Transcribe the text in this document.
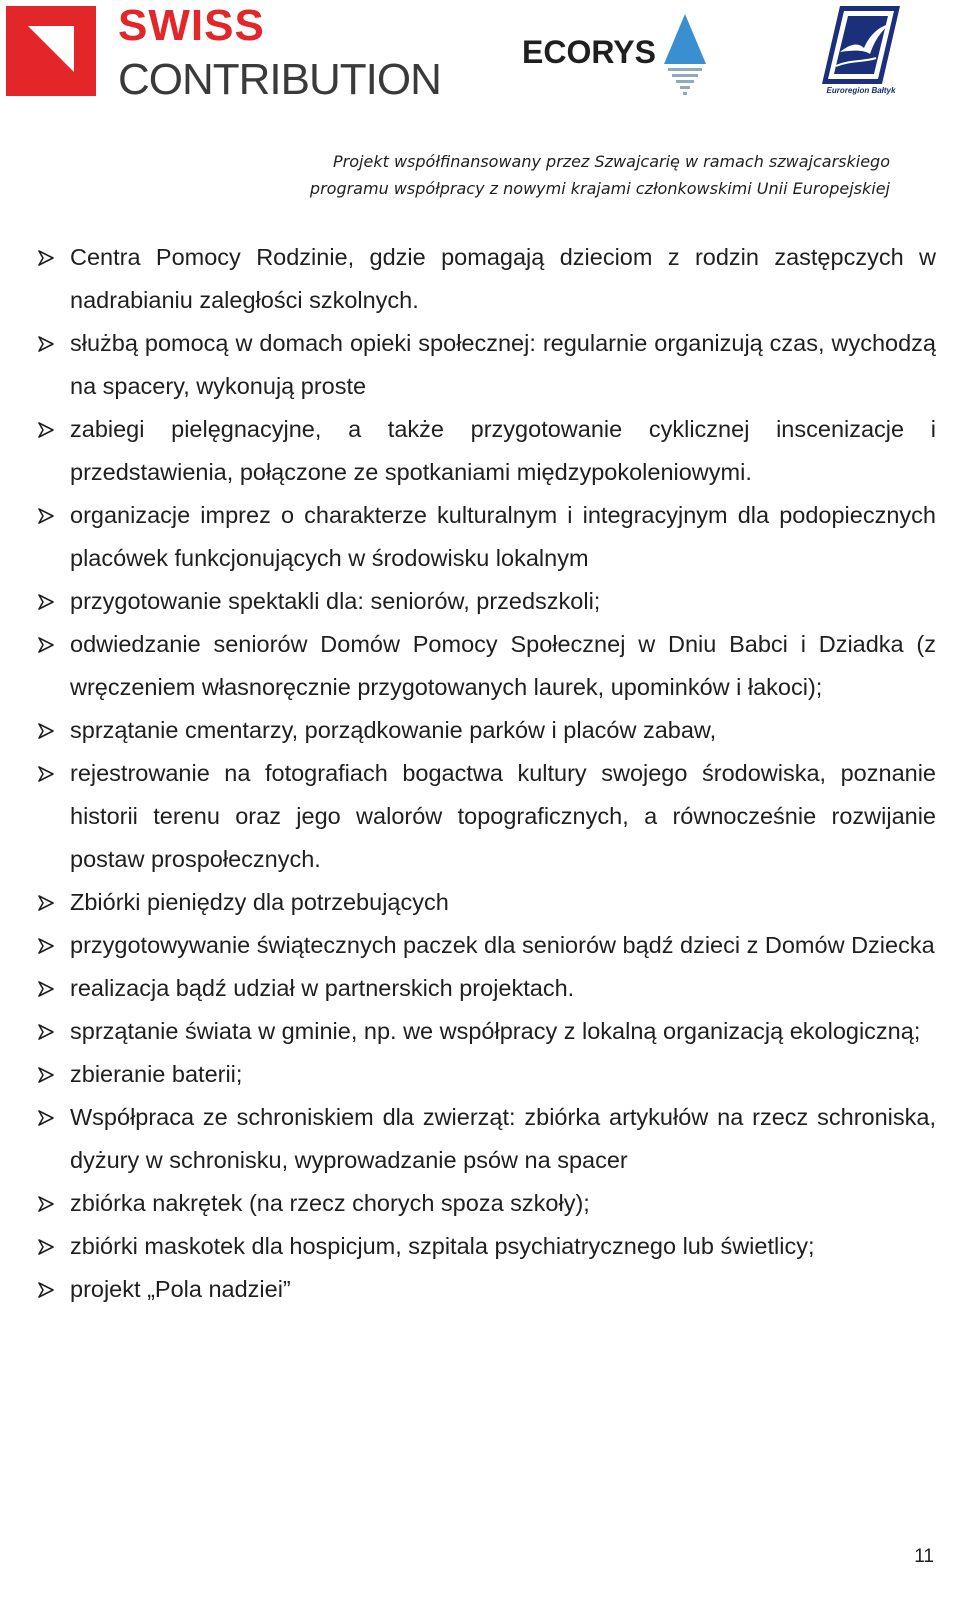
SWISS
CONTRIBUTION
ECORYS
Euroregion Bałtyk
Projekt współfinansowany przez Szwajcarię w ramach szwajcarskiego
programu współpracy z nowymi krajami członkowskimi Unii Europejskiej
Centra Pomocy Rodzinie, gdzie pomagają dzieciom z rodzin zastępczych w nadrabianiu zaległości szkolnych.
służbą pomocą w domach opieki społecznej: regularnie organizują czas, wychodzą na spacery, wykonują proste
zabiegi pielęgnacyjne, a także przygotowanie cyklicznej inscenizacje i przedstawienia, połączone ze spotkaniami międzypokoleniowymi.
organizacje imprez o charakterze kulturalnym i integracyjnym dla podopiecznych placówek funkcjonujących w środowisku lokalnym
przygotowanie spektakli dla: seniorów, przedszkoli;
odwiedzanie seniorów Domów Pomocy Społecznej w Dniu Babci i Dziadka (z wręczeniem własnoręcznie przygotowanych laurek, upominków i łakoci);
sprzątanie cmentarzy, porządkowanie parków i placów zabaw,
rejestrowanie na fotografiach bogactwa kultury swojego środowiska, poznanie historii terenu oraz jego walorów topograficznych, a równocześnie rozwijanie postaw prospołecznych.
Zbiórki pieniędzy dla potrzebujących
przygotowywanie świątecznych paczek dla seniorów bądź dzieci z Domów Dziecka
realizacja bądź udział w partnerskich projektach.
sprzątanie świata w gminie, np. we współpracy z lokalną organizacją ekologiczną;
zbieranie baterii;
Współpraca ze schroniskiem dla zwierząt: zbiórka artykułów na rzecz schroniska, dyżury w schronisku, wyprowadzanie psów na spacer
zbiórka nakrętek (na rzecz chorych spoza szkoły);
zbiórki maskotek dla hospicjum, szpitala psychiatrycznego lub świetlicy;
projekt „Pola nadziei”
11
